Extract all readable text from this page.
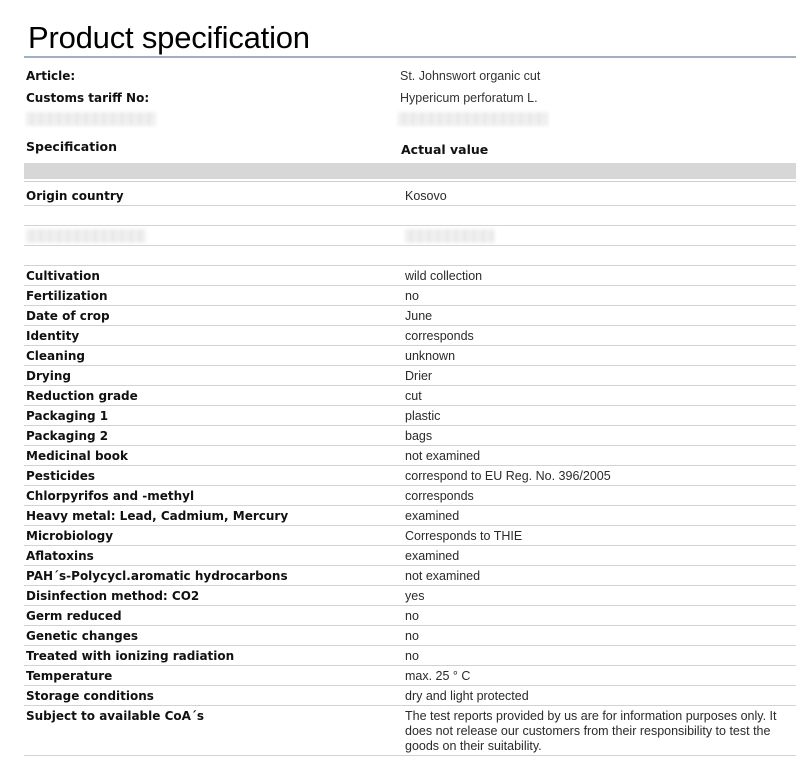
Product specification
Article:	St. Johnswort organic cut
Customs tariff No:	Hypericum perforatum L.
Specification	Actual value
Origin country	Kosovo
Cultivation	wild collection
Fertilization	no
Date of crop	June
Identity	corresponds
Cleaning	unknown
Drying	Drier
Reduction grade	cut
Packaging 1	plastic
Packaging 2	bags
Medicinal book	not examined
Pesticides	correspond to EU Reg. No. 396/2005
Chlorpyrifos and -methyl	corresponds
Heavy metal: Lead, Cadmium, Mercury	examined
Microbiology	Corresponds to THIE
Aflatoxins	examined
PAH´s-Polycycl.aromatic hydrocarbons	not examined
Disinfection method: CO2	yes
Germ reduced	no
Genetic changes	no
Treated with ionizing radiation	no
Temperature	max. 25 ° C
Storage conditions	dry and light protected
Subject to available CoA´s	The test reports provided by us are for information purposes only. It does not release our customers from their responsibility to test the goods on their suitability.
